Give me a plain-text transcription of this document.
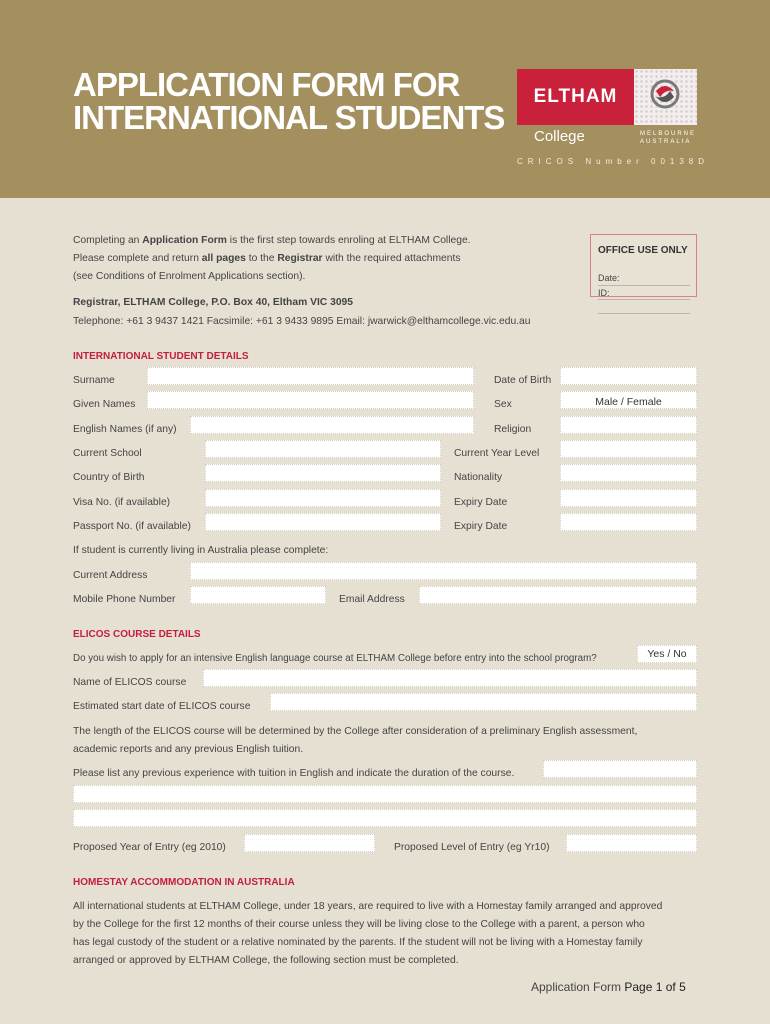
APPLICATION FORM FOR
INTERNATIONAL STUDENTS
ELTHAM
College	MELBOURNE
AUSTRALIA
CRICOS Number 00138D
Completing an Application Form is the first step towards enroling at ELTHAM College.
Please complete and return all pages to the Registrar with the required attachments
(see Conditions of Enrolment Applications section).
Registrar, ELTHAM College, P.O. Box 40, Eltham VIC 3095
Telephone: +61 3 9437 1421 Facsimile: +61 3 9433 9895 Email: jwarwick@elthamcollege.vic.edu.au
OFFICE USE ONLY
Date:
ID:
INTERNATIONAL STUDENT DETAILS
Surname	Date of Birth
Given Names	Sex	Male / Female
English Names (if any)	Religion
Current School	Current Year Level
Country of Birth	Nationality
Visa No. (if available)	Expiry Date
Passport No. (if available)	Expiry Date
If student is currently living in Australia please complete:
Current Address
Mobile Phone Number	Email Address
ELICOS COURSE DETAILS
Do you wish to apply for an intensive English language course at ELTHAM College before entry into the school program?	Yes / No
Name of ELICOS course
Estimated start date of ELICOS course
The length of the ELICOS course will be determined by the College after consideration of a preliminary English assessment,
academic reports and any previous English tuition.
Please list any previous experience with tuition in English and indicate the duration of the course.
Proposed Year of Entry (eg 2010)	Proposed Level of Entry (eg Yr10)
HOMESTAY ACCOMMODATION IN AUSTRALIA
All international students at ELTHAM College, under 18 years, are required to live with a Homestay family arranged and approved
by the College for the first 12 months of their course unless they will be living close to the College with a parent, a person who
has legal custody of the student or a relative nominated by the parents. If the student will not be living with a Homestay family
arranged or approved by ELTHAM College, the following section must be completed.
Application Form Page 1 of 5
